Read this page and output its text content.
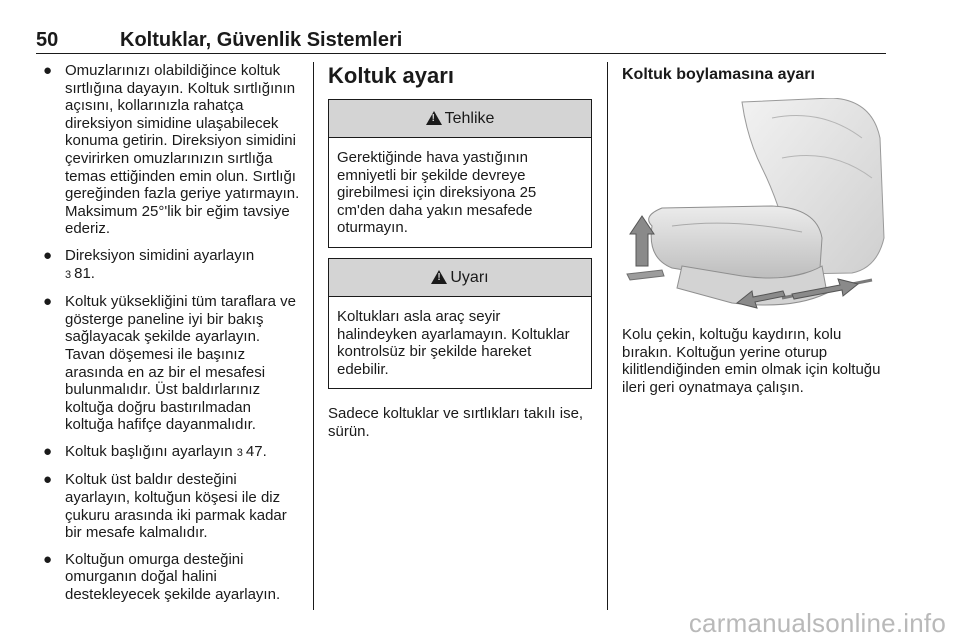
50	Koltuklar, Güvenlik Sistemleri
● Omuzlarınızı olabildiğince koltuk sırtlığına dayayın. Koltuk sırtlığının açısını, kollarınızla rahatça direksiyon simidine ulaşabilecek konuma getirin. Direksiyon simidini çevirirken omuzlarınızın sırtlığa temas ettiğinden emin olun. Sırtlığı gereğinden fazla geriye yatırmayın. Maksimum 25°'lik bir eğim tavsiye ederiz.
● Direksiyon simidini ayarlayın
3 81.
● Koltuk yüksekliğini tüm taraflara ve gösterge paneline iyi bir bakış sağlayacak şekilde ayarlayın. Tavan döşemesi ile başınız arasında en az bir el mesafesi bulunmalıdır. Üst baldırlarınız koltuğa doğru bastırılmadan koltuğa hafifçe dayanmalıdır.
● Koltuk başlığını ayarlayın 3 47.
● Koltuk üst baldır desteğini ayarlayın, koltuğun köşesi ile diz çukuru arasında iki parmak kadar bir mesafe kalmalıdır.
● Koltuğun omurga desteğini omurganın doğal halini destekleyecek şekilde ayarlayın.
Koltuk ayarı
!Tehlike
Gerektiğinde hava yastığının emniyetli bir şekilde devreye girebilmesi için direksiyona 25 cm'den daha yakın mesafede oturmayın.
!Uyarı
Koltukları asla araç seyir halindeyken ayarlamayın. Koltuklar kontrolsüz bir şekilde hareket edebilir.

Sadece koltuklar ve sırtlıkları takılı ise, sürün.

Koltuk boylamasına ayarı

Kolu çekin, koltuğu kaydırın, kolu bırakın. Koltuğun yerine oturup kilitlendiğinden emin olmak için koltuğu ileri geri oynatmaya çalışın.

carmanualsonline.info
